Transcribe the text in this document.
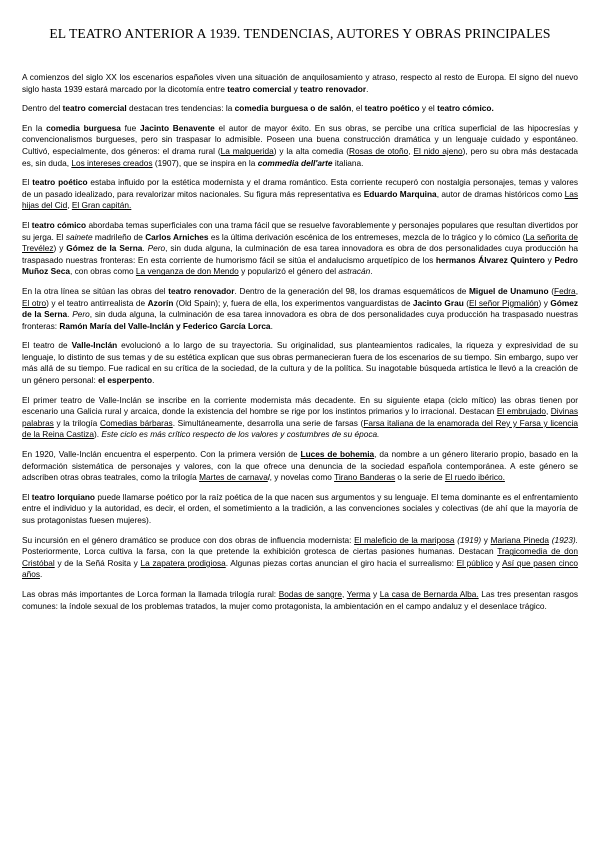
EL TEATRO ANTERIOR A 1939. TENDENCIAS, AUTORES Y OBRAS PRINCIPALES

A comienzos del siglo XX los escenarios españoles viven una situación de anquilosamiento y atraso, respecto al resto de Europa. El signo del nuevo siglo hasta 1939 estará marcado por la dicotomía entre teatro comercial y teatro renovador.

Dentro del teatro comercial destacan tres tendencias: la comedia burguesa o de salón, el teatro poético y el teatro cómico.

En la comedia burguesa fue Jacinto Benavente el autor de mayor éxito. En sus obras, se percibe una crítica superficial de las hipocresías y convencionalismos burgueses, pero sin traspasar lo admisible. Poseen una buena construcción dramática y un lenguaje cuidado y espontáneo. Cultivó, especialmente, dos géneros: el drama rural (La malquerida) y la alta comedia (Rosas de otoño, El nido ajeno), pero su obra más destacada es, sin duda, Los intereses creados (1907), que se inspira en la commedia dell'arte italiana.

El teatro poético estaba influido por la estética modernista y el drama romántico. Esta corriente recuperó con nostalgia personajes, temas y valores de un pasado idealizado, para revalorizar mitos nacionales. Su figura más representativa es Eduardo Marquina, autor de dramas históricos como Las hijas del Cid, El Gran capitán.

El teatro cómico abordaba temas superficiales con una trama fácil que se resuelve favorablemente y personajes populares que resultan divertidos por su jerga. El sainete madrileño de Carlos Arniches es la última derivación escénica de los entremeses, mezcla de lo trágico y lo cómico (La señorita de Trevélez) y Gómez de la Serna. Pero, sin duda alguna, la culminación de esa tarea innovadora es obra de dos personalidades cuya producción ha traspasado nuestras fronteras: En esta corriente de humorismo fácil se sitúa el andalucismo arquetípico de los hermanos Álvarez Quintero y Pedro Muñoz Seca, con obras como La venganza de don Mendo y popularizó el género del astracán.

En la otra línea se sitúan las obras del teatro renovador. Dentro de la generación del 98, los dramas esquemáticos de Miguel de Unamuno (Fedra, El otro) y el teatro antirrealista de Azorín (Old Spain); y, fuera de ella, los experimentos vanguardistas de Jacinto Grau (El señor Pigmalión) y Gómez de la Serna. Pero, sin duda alguna, la culminación de esa tarea innovadora es obra de dos personalidades cuya producción ha traspasado nuestras fronteras: Ramón María del Valle-Inclán y Federico García Lorca.

El teatro de Valle-Inclán evolucionó a lo largo de su trayectoria. Su originalidad, sus planteamientos radicales, la riqueza y expresividad de su lenguaje, lo distinto de sus temas y de su estética explican que sus obras permanecieran fuera de los escenarios de su tiempo. Sin embargo, supo ver más allá de su tiempo. Fue radical en su crítica de la sociedad, de la cultura y de la política. Su inagotable búsqueda artística le llevó a la creación de un género personal: el esperpento.

El primer teatro de Valle-Inclán se inscribe en la corriente modernista más decadente. En su siguiente etapa (ciclo mítico) las obras tienen por escenario una Galicia rural y arcaica, donde la existencia del hombre se rige por los instintos primarios y lo irracional. Destacan El embrujado, Divinas palabras y la trilogía Comedias bárbaras. Simultáneamente, desarrolla una serie de farsas (Farsa italiana de la enamorada del Rey y Farsa y licencia de la Reina Castiza). Este ciclo es más crítico respecto de los valores y costumbres de su época.

En 1920, Valle-Inclán encuentra el esperpento. Con la primera versión de Luces de bohemia, da nombre a un género literario propio, basado en la deformación sistemática de personajes y valores, con la que ofrece una denuncia de la sociedad española contemporánea. A este género se adscriben otras obras teatrales, como la trilogía Martes de carnaval, y novelas como Tirano Banderas o la serie de El ruedo ibérico.

El teatro lorquiano puede llamarse poético por la raíz poética de la que nacen sus argumentos y su lenguaje. El tema dominante es el enfrentamiento entre el individuo y la autoridad, es decir, el orden, el sometimiento a la tradición, a las convenciones sociales y colectivas (de ahí que la mayoría de sus protagonistas fuesen mujeres).

Su incursión en el género dramático se produce con dos obras de influencia modernista: El maleficio de la mariposa (1919) y Mariana Pineda (1923). Posteriormente, Lorca cultiva la farsa, con la que pretende la exhibición grotesca de ciertas pasiones humanas. Destacan Tragicomedia de don Cristóbal y de la Señá Rosita y La zapatera prodigiosa. Algunas piezas cortas anuncian el giro hacia el surrealismo: El público y Así que pasen cinco años.

Las obras más importantes de Lorca forman la llamada trilogía rural: Bodas de sangre, Yerma y La casa de Bernarda Alba. Las tres presentan rasgos comunes: la índole sexual de los problemas tratados, la mujer como protagonista, la ambientación en el campo andaluz y el desenlace trágico.
